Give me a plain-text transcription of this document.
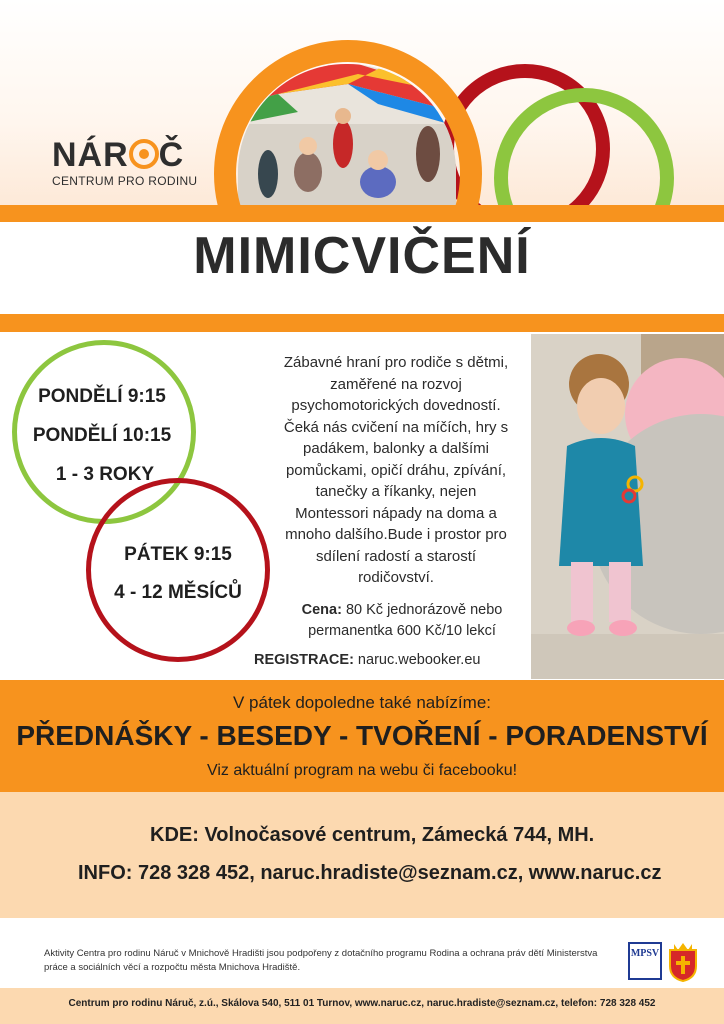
NÁR Č
CENTRUM PRO RODINU
MIMICVIČENÍ
PONDĚLÍ 9:15
PONDĚLÍ 10:15
1 - 3 ROKY
PÁTEK 9:15
4 - 12 MĚSÍCŮ
Zábavné hraní pro rodiče s dětmi, zaměřené na rozvoj psychomotorických dovedností. Čeká nás cvičení na míčích, hry s padákem, balonky a dalšími pomůckami, opičí dráhu, zpívání, tanečky a říkanky, nejen Montessori nápady na doma a mnoho dalšího.Bude i prostor pro sdílení radostí a starostí rodičovství.
Cena: 80 Kč jednorázově nebo permanentka 600 Kč/10 lekcí
REGISTRACE: naruc.webooker.eu
V pátek dopoledne také nabízíme:
PŘEDNÁŠKY - BESEDY - TVOŘENÍ - PORADENSTVÍ
Viz aktuální program na webu či facebooku!
KDE: Volnočasové centrum, Zámecká 744, MH.
INFO: 728 328 452, naruc.hradiste@seznam.cz, www.naruc.cz
Aktivity Centra pro rodinu Náruč v Mnichově Hradišti jsou podpořeny z dotačního programu Rodina a ochrana práv dětí Ministerstva práce a sociálních věcí a rozpočtu města Mnichova Hradiště.
MPSV
Centrum pro rodinu Náruč, z.ú., Skálova 540, 511 01 Turnov, www.naruc.cz, naruc.hradiste@seznam.cz, telefon: 728 328 452
